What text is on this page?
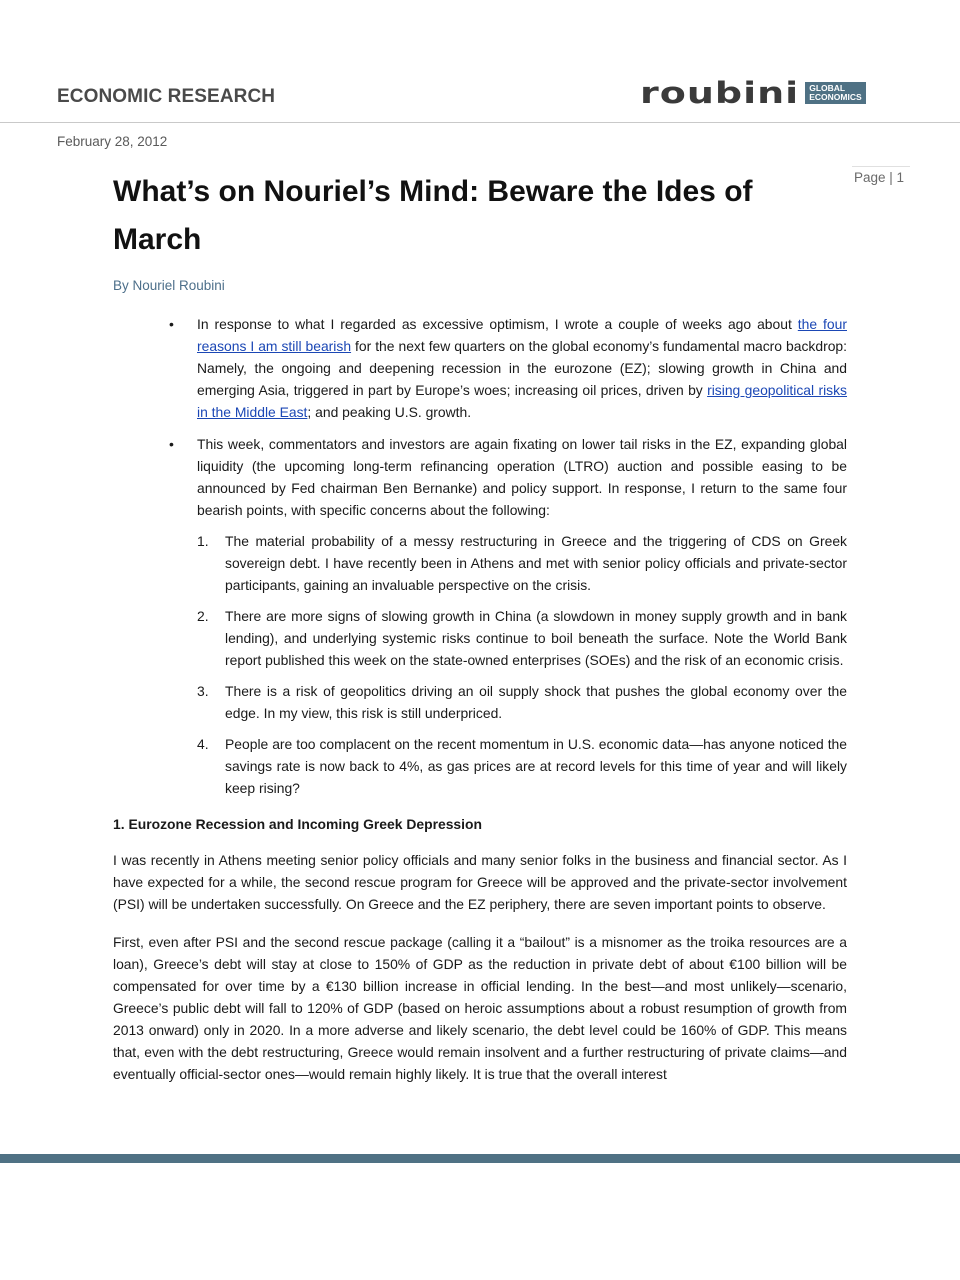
ECONOMIC RESEARCH	roubini GLOBAL
ECONOMICS
February 28, 2012
Page | 1
What’s on Nouriel’s Mind: Beware the Ides of March
By Nouriel Roubini
• In response to what I regarded as excessive optimism, I wrote a couple of weeks ago about the four reasons I am still bearish for the next few quarters on the global economy’s fundamental macro backdrop: Namely, the ongoing and deepening recession in the eurozone (EZ); slowing growth in China and emerging Asia, triggered in part by Europe’s woes; increasing oil prices, driven by rising geopolitical risks in the Middle East; and peaking U.S. growth.
• This week, commentators and investors are again fixating on lower tail risks in the EZ, expanding global liquidity (the upcoming long-term refinancing operation (LTRO) auction and possible easing to be announced by Fed chairman Ben Bernanke) and policy support. In response, I return to the same four bearish points, with specific concerns about the following:
1. The material probability of a messy restructuring in Greece and the triggering of CDS on Greek sovereign debt. I have recently been in Athens and met with senior policy officials and private-sector participants, gaining an invaluable perspective on the crisis.
2. There are more signs of slowing growth in China (a slowdown in money supply growth and in bank lending), and underlying systemic risks continue to boil beneath the surface. Note the World Bank report published this week on the state-owned enterprises (SOEs) and the risk of an economic crisis.
3. There is a risk of geopolitics driving an oil supply shock that pushes the global economy over the edge. In my view, this risk is still underpriced.
4. People are too complacent on the recent momentum in U.S. economic data—has anyone noticed the savings rate is now back to 4%, as gas prices are at record levels for this time of year and will likely keep rising?
1. Eurozone Recession and Incoming Greek Depression

I was recently in Athens meeting senior policy officials and many senior folks in the business and financial sector. As I have expected for a while, the second rescue program for Greece will be approved and the private-sector involvement (PSI) will be undertaken successfully. On Greece and the EZ periphery, there are seven important points to observe.

First, even after PSI and the second rescue package (calling it a “bailout” is a misnomer as the troika resources are a loan), Greece’s debt will stay at close to 150% of GDP as the reduction in private debt of about €100 billion will be compensated for over time by a €130 billion increase in official lending. In the best—and most unlikely—scenario, Greece’s public debt will fall to 120% of GDP (based on heroic assumptions about a robust resumption of growth from 2013 onward) only in 2020. In a more adverse and likely scenario, the debt level could be 160% of GDP. This means that, even with the debt restructuring, Greece would remain insolvent and a further restructuring of private claims—and eventually official-sector ones—would remain highly likely. It is true that the overall interest
